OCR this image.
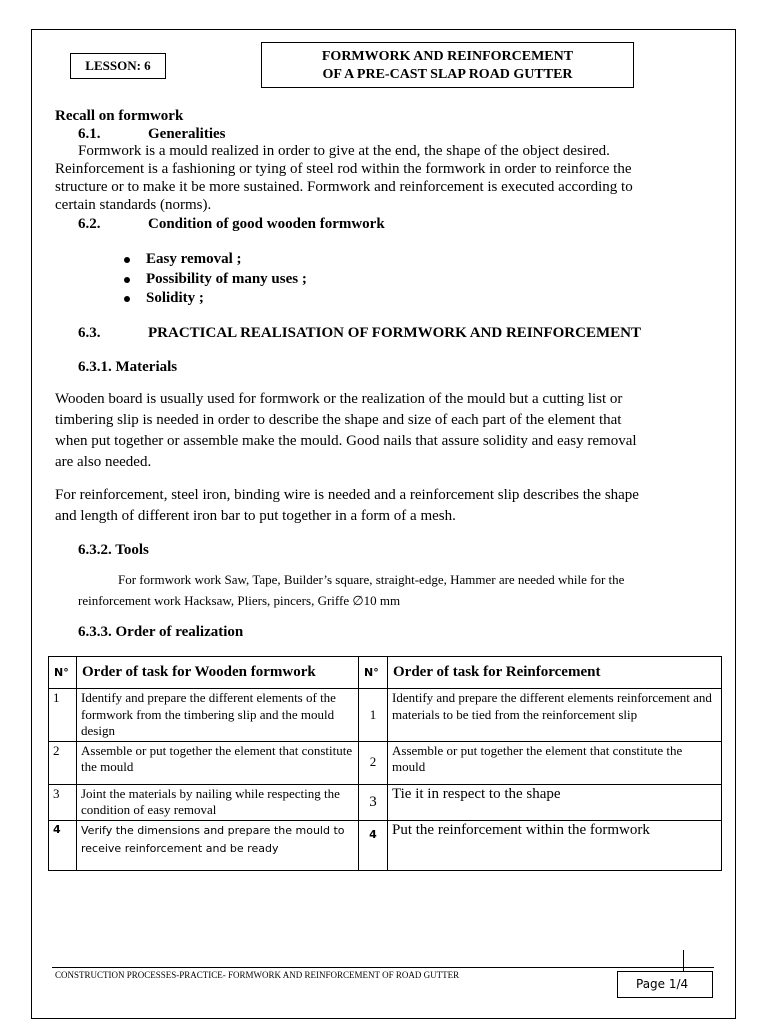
LESSON: 6
FORMWORK AND REINFORCEMENT
OF A PRE-CAST SLAP ROAD GUTTER
Recall on formwork
6.1.	Generalities
Formwork is a mould realized in order to give at the end, the shape of the object desired.
Reinforcement is a fashioning or tying of steel rod within the formwork in order to reinforce the
structure or to make it be more sustained. Formwork and reinforcement is executed according to
certain standards (norms).
6.2.	Condition of good wooden formwork
Easy removal ;
Possibility of many uses ;
Solidity ;
6.3.	PRACTICAL REALISATION OF FORMWORK AND REINFORCEMENT
6.3.1. Materials
Wooden board is usually used for formwork or the realization of the mould but a cutting list or
timbering slip is needed in order to describe the shape and size of each part of the element that
when put together or assemble make the mould. Good nails that assure solidity and easy removal
are also needed.
For reinforcement, steel iron, binding wire is needed and a reinforcement slip describes the shape
and length of different iron bar to put together in a form of a mesh.
6.3.2. Tools
For formwork work Saw, Tape, Builder’s square, straight-edge, Hammer are needed while for the
reinforcement work Hacksaw, Pliers, pincers, Griffe ∅10 mm
6.3.3. Order of realization
N°	Order of task for Wooden formwork	N°	Order of task for Reinforcement
1	Identify and prepare the different elements of the formwork from the timbering slip and the mould design	1	Identify and prepare the different elements reinforcement and materials to be tied from the reinforcement slip
2	Assemble or put together the element that constitute the mould	2	Assemble or put together the element that constitute the mould
3	Joint the materials by nailing while respecting the condition of easy removal	3	Tie it in respect to the shape
4	Verify the dimensions and prepare the mould to receive reinforcement and be ready	4	Put the reinforcement within the formwork
CONSTRUCTION PROCESSES-PRACTICE- FORMWORK AND REINFORCEMENT OF ROAD GUTTER
Page 1/4
